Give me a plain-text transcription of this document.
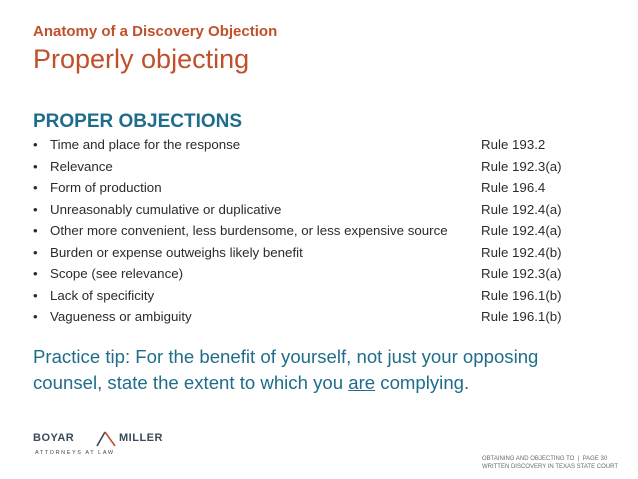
Anatomy of a Discovery Objection
Properly objecting
PROPER OBJECTIONS
• Time and place for the response	Rule 193.2
• Relevance	Rule 192.3(a)
• Form of production	Rule 196.4
• Unreasonably cumulative or duplicative	Rule 192.4(a)
• Other more convenient, less burdensome, or less expensive source	Rule 192.4(a)
• Burden or expense outweighs likely benefit	Rule 192.4(b)
• Scope (see relevance)	Rule 192.3(a)
• Lack of specificity	Rule 196.1(b)
• Vagueness or ambiguity	Rule 196.1(b)
Practice tip: For the benefit of yourself, not just your opposing counsel, state the extent to which you are complying.
BOYAR	MILLER
ATTORNEYS AT LAW
OBTAINING AND OBJECTING TO  |  PAGE 30
WRITTEN DISCOVERY IN TEXAS STATE COURT
